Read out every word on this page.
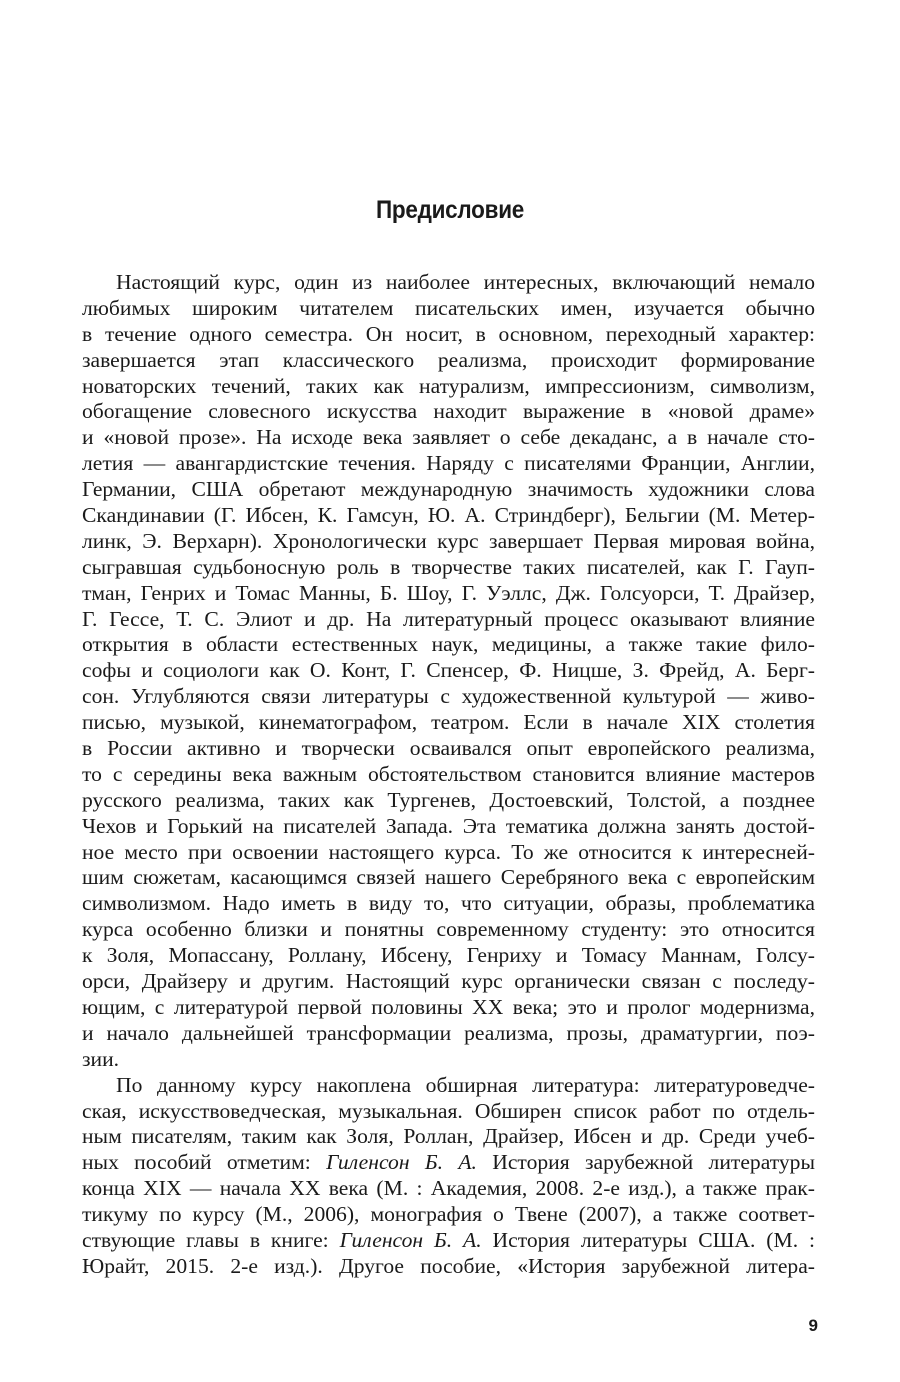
Предисловие
Настоящий курс, один из наиболее интересных, включающий немало
любимых широким читателем писательских имен, изучается обычно
в течение одного семестра. Он носит, в основном, переходный характер:
завершается этап классического реализма, происходит формирование
новаторских течений, таких как натурализм, импрессионизм, символизм,
обогащение словесного искусства находит выражение в «новой драме»
и «новой прозе». На исходе века заявляет о себе декаданс, а в начале сто-
летия — авангардистские течения. Наряду с писателями Франции, Англии,
Германии, США обретают международную значимость художники слова
Скандинавии (Г. Ибсен, К. Гамсун, Ю. А. Стриндберг), Бельгии (М. Метер-
линк, Э. Верхарн). Хронологически курс завершает Первая мировая война,
сыгравшая судьбоносную роль в творчестве таких писателей, как Г. Гауп-
тман, Генрих и Томас Манны, Б. Шоу, Г. Уэллс, Дж. Голсуорси, Т. Драйзер,
Г. Гессе, Т. С. Элиот и др. На литературный процесс оказывают влияние
открытия в области естественных наук, медицины, а также такие фило-
софы и социологи как О. Конт, Г. Спенсер, Ф. Ницше, З. Фрейд, А. Берг-
сон. Углубляются связи литературы с художественной культурой — живо-
писью, музыкой, кинематографом, театром. Если в начале XIX столетия
в России активно и творчески осваивался опыт европейского реализма,
то с середины века важным обстоятельством становится влияние мастеров
русского реализма, таких как Тургенев, Достоевский, Толстой, а позднее
Чехов и Горький на писателей Запада. Эта тематика должна занять достой-
ное место при освоении настоящего курса. То же относится к интересней-
шим сюжетам, касающимся связей нашего Серебряного века с европейским
символизмом. Надо иметь в виду то, что ситуации, образы, проблематика
курса особенно близки и понятны современному студенту: это относится
к Золя, Мопассану, Роллану, Ибсену, Генриху и Томасу Маннам, Голсу-
орси, Драйзеру и другим. Настоящий курс органически связан с последу-
ющим, с литературой первой половины XX века; это и пролог модернизма,
и начало дальнейшей трансформации реализма, прозы, драматургии, поэ-
зии.
По данному курсу накоплена обширная литература: литературоведче-
ская, искусствоведческая, музыкальная. Обширен список работ по отдель-
ным писателям, таким как Золя, Роллан, Драйзер, Ибсен и др. Среди учеб-
ных пособий отметим: Гиленсон Б. А. История зарубежной литературы
конца XIX — начала XX века (М. : Академия, 2008. 2-е изд.), а также прак-
тикуму по курсу (М., 2006), монография о Твене (2007), а также соответ-
ствующие главы в книге: Гиленсон Б. А. История литературы США. (М. :
Юрайт, 2015. 2-е изд.). Другое пособие, «История зарубежной литера-
9
